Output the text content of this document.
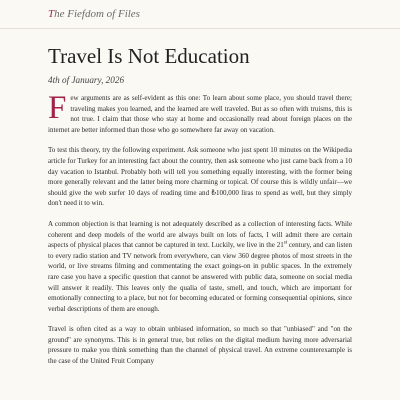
The Fiefdom of Files
Travel Is Not Education
4th of January, 2026

Few arguments are as self-evident as this one: To learn about some place, you should travel there; traveling makes you learned, and the learned are well traveled. But as so often with truisms, this is not true. I claim that those who stay at home and occasionally read about foreign places on the internet are better informed than those who go somewhere far away on vacation.

To test this theory, try the following experiment. Ask someone who just spent 10 minutes on the Wikipedia article for Turkey for an interesting fact about the country, then ask someone who just came back from a 10 day vacation to Istanbul. Probably both will tell you something equally interesting, with the former being more generally relevant and the latter being more charming or topical. Of course this is wildly unfair—we should give the web surfer 10 days of reading time and ₺100,000 liras to spend as well, but they simply don't need it to win.

A common objection is that learning is not adequately described as a collection of interesting facts. While coherent and deep models of the world are always built on lots of facts, I will admit there are certain aspects of physical places that cannot be captured in text. Luckily, we live in the 21st century, and can listen to every radio station and TV network from everywhere, can view 360 degree photos of most streets in the world, or live streams filming and commentating the exact goings-on in public spaces. In the extremely rare case you have a specific question that cannot be answered with public data, someone on social media will answer it readily. This leaves only the qualia of taste, smell, and touch, which are important for emotionally connecting to a place, but not for becoming educated or forming consequential opinions, since verbal descriptions of them are enough.

Travel is often cited as a way to obtain unbiased information, so much so that "unbiased" and "on the ground" are synonyms. This is in general true, but relies on the digital medium having more adversarial pressure to make you think something than the channel of physical travel. An extreme counterexample is the case of the United Fruit Company
